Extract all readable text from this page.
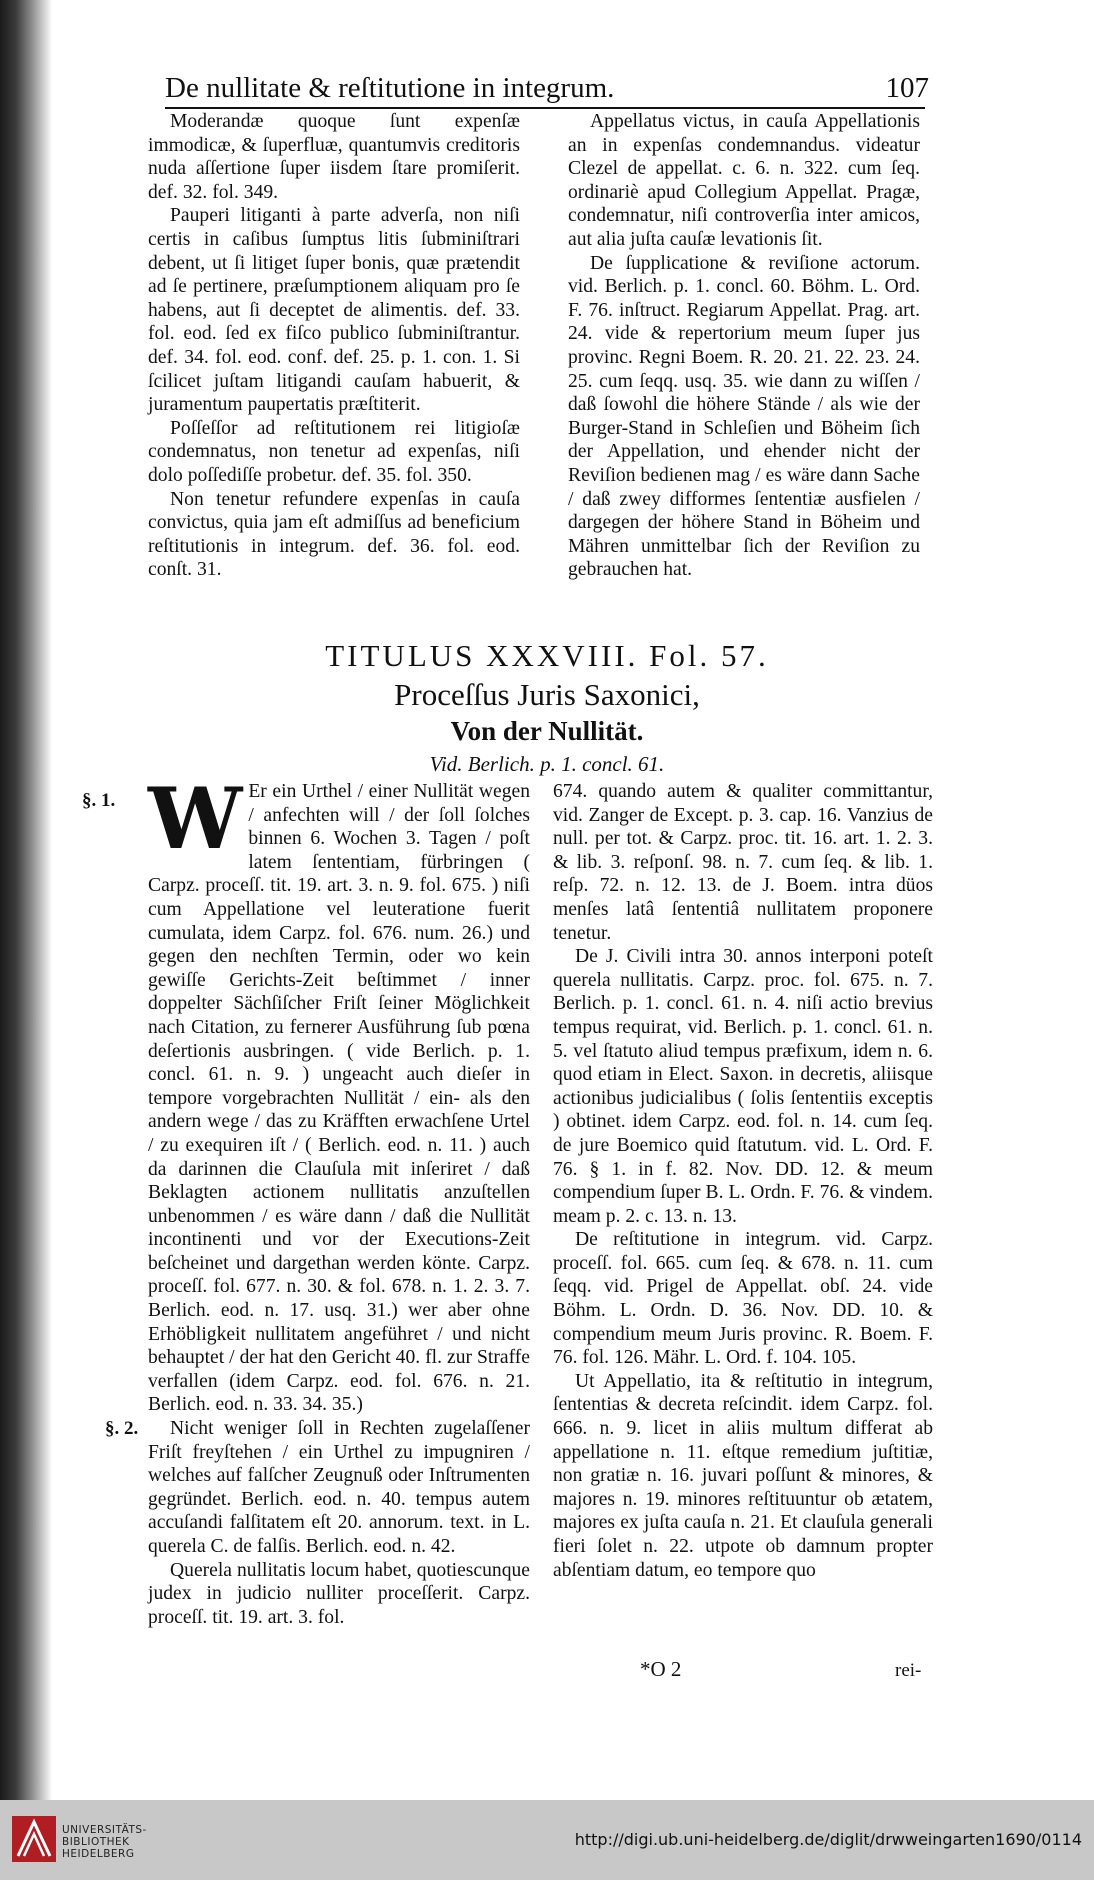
De nullitate & reſtitutione in integrum.	107

Moderandæ quoque ſunt expenſæ immodicæ, & ſuperfluæ, quantumvis creditoris nuda aſſertione ſuper iisdem ſtare promiſerit. def. 32. fol. 349.

Pauperi litiganti à parte adverſa, non niſi certis in caſibus ſumptus litis ſubminiſtrari debent, ut ſi litiget ſuper bonis, quæ prætendit ad ſe pertinere, præſumptionem aliquam pro ſe habens, aut ſi deceptet de alimentis. def. 33. fol. eod. ſed ex fiſco publico ſubminiſtrantur. def. 34. fol. eod. conf. def. 25. p. 1. con. 1. Si ſcilicet juſtam litigandi cauſam habuerit, & juramentum paupertatis præſtiterit.

Poſſeſſor ad reſtitutionem rei litigioſæ condemnatus, non tenetur ad expenſas, niſi dolo poſſediſſe probetur. def. 35. fol. 350.

Non tenetur refundere expenſas in cauſa convictus, quia jam eſt admiſſus ad beneficium reſtitutionis in integrum. def. 36. fol. eod. conſt. 31.

Appellatus victus, in cauſa Appellationis an in expenſas condemnandus. videatur Clezel de appellat. c. 6. n. 322. cum ſeq. ordinariè apud Collegium Appellat. Pragæ, condemnatur, niſi controverſia inter amicos, aut alia juſta cauſæ levationis ſit.

De ſupplicatione & reviſione actorum. vid. Berlich. p. 1. concl. 60. Böhm. L. Ord. F. 76. inſtruct. Regiarum Appellat. Prag. art. 24. vide & repertorium meum ſuper jus provinc. Regni Boem. R. 20. 21. 22. 23. 24. 25. cum ſeqq. usq. 35. wie dann zu wiſſen / daß ſowohl die höhere Stände / als wie der Burger-Stand in Schleſien und Böheim ſich der Appellation, und ehender nicht der Reviſion bedienen mag / es wäre dann Sache / daß zwey difformes ſententiæ ausfielen / dargegen der höhere Stand in Böheim und Mähren unmittelbar ſich der Reviſion zu gebrauchen hat.

TITULUS XXXVIII. Fol. 57.
Proceſſus Juris Saxonici,
Von der Nullität.
Vid. Berlich. p. 1. concl. 61.
§. 1.
§. 2.

W Er ein Urthel / einer Nullität wegen / anfechten will / der ſoll ſolches binnen 6. Wochen 3. Tagen / poſt latem ſententiam, fürbringen ( Carpz. proceſſ. tit. 19. art. 3. n. 9. fol. 675. ) niſi cum Appellatione vel leuteratione fuerit cumulata, idem Carpz. fol. 676. num. 26.) und gegen den nechſten Termin, oder wo kein gewiſſe Gerichts-Zeit beſtimmet / inner doppelter Sächſiſcher Friſt ſeiner Möglichkeit nach Citation, zu fernerer Ausführung ſub pœna deſertionis ausbringen. ( vide Berlich. p. 1. concl. 61. n. 9. ) ungeacht auch dieſer in tempore vorgebrachten Nullität / ein- als den andern wege / das zu Kräfften erwachſene Urtel / zu exequiren iſt / ( Berlich. eod. n. 11. ) auch da darinnen die Clauſula mit inſeriret / daß Beklagten actionem nullitatis anzuſtellen unbenommen / es wäre dann / daß die Nullität incontinenti und vor der Executions-Zeit beſcheinet und dargethan werden könte. Carpz. proceſſ. fol. 677. n. 30. & fol. 678. n. 1. 2. 3. 7. Berlich. eod. n. 17. usq. 31.) wer aber ohne Erhöbligkeit nullitatem angeführet / und nicht behauptet / der hat den Gericht 40. fl. zur Straffe verfallen (idem Carpz. eod. fol. 676. n. 21. Berlich. eod. n. 33. 34. 35.)

Nicht weniger ſoll in Rechten zugelaſſener Friſt freyſtehen / ein Urthel zu impugniren / welches auf falſcher Zeugnuß oder Inſtrumenten gegründet. Berlich. eod. n. 40. tempus autem accuſandi falſitatem eſt 20. annorum. text. in L. querela C. de falſis. Berlich. eod. n. 42.

Querela nullitatis locum habet, quotiescunque judex in judicio nulliter proceſſerit. Carpz. proceſſ. tit. 19. art. 3. fol.

674. quando autem & qualiter committantur, vid. Zanger de Except. p. 3. cap. 16. Vanzius de null. per tot. & Carpz. proc. tit. 16. art. 1. 2. 3. & lib. 3. reſponſ. 98. n. 7. cum ſeq. & lib. 1. reſp. 72. n. 12. 13. de J. Boem. intra düos menſes latâ ſententiâ nullitatem proponere tenetur.

De J. Civili intra 30. annos interponi poteſt querela nullitatis. Carpz. proc. fol. 675. n. 7. Berlich. p. 1. concl. 61. n. 4. niſi actio brevius tempus requirat, vid. Berlich. p. 1. concl. 61. n. 5. vel ſtatuto aliud tempus præfixum, idem n. 6. quod etiam in Elect. Saxon. in decretis, aliisque actionibus judicialibus ( ſolis ſententiis exceptis ) obtinet. idem Carpz. eod. fol. n. 14. cum ſeq. de jure Boemico quid ſtatutum. vid. L. Ord. F. 76. § 1. in f. 82. Nov. DD. 12. & meum compendium ſuper B. L. Ordn. F. 76. & vindem. meam p. 2. c. 13. n. 13.

De reſtitutione in integrum. vid. Carpz. proceſſ. fol. 665. cum ſeq. & 678. n. 11. cum ſeqq. vid. Prigel de Appellat. obſ. 24. vide Böhm. L. Ordn. D. 36. Nov. DD. 10. & compendium meum Juris provinc. R. Boem. F. 76. fol. 126. Mähr. L. Ord. f. 104. 105.

Ut Appellatio, ita & reſtitutio in integrum, ſententias & decreta reſcindit. idem Carpz. fol. 666. n. 9. licet in aliis multum differat ab appellatione n. 11. eſtque remedium juſtitiæ, non gratiæ n. 16. juvari poſſunt & minores, & majores n. 19. minores reſtituuntur ob ætatem, majores ex juſta cauſa n. 21. Et clauſula generali fieri ſolet n. 22. utpote ob damnum propter abſentiam datum, eo tempore quo

*O 2	rei-
UNIVERSITÄTS-
BIBLIOTHEK
HEIDELBERG
http://digi.ub.uni-heidelberg.de/diglit/drwweingarten1690/0114
